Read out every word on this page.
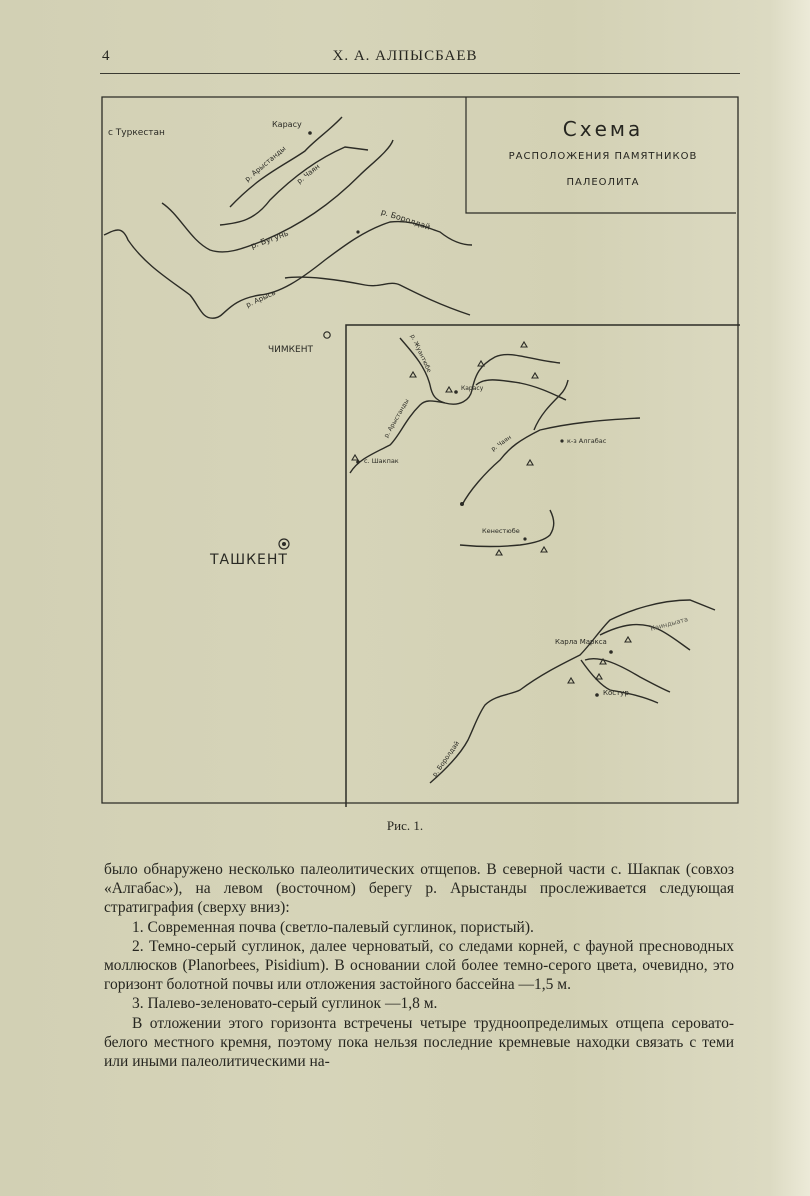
4	Х. А. АЛПЫСБАЕВ
Схема
РАСПОЛОЖЕНИЯ ПАМЯТНИКОВ
ПАЛЕОЛИТА
с Туркестан
Карасу
р. Арыстанды р. Чаян
р. Бугунь
р. Боролдай
р. Арысь
ЧИМКЕНТ
ТАШКЕНТ
р. Жуантюбе
Карасу
р. Арыстанды
с. Шакпак
р. Чаян	к-з Алгабас
Кенестюбе
Карла Маркса
Каиндыата
Костур
р. Боролдай
Рис. 1.

было обнаружено несколько палеолитических отщепов. В северной части с. Шакпак (совхоз «Алгабас»), на левом (восточном) берегу р. Арыстанды прослеживается следующая стратиграфия (сверху вниз):

1. Современная почва (светло-палевый суглинок, пористый).

2. Темно-серый суглинок, далее черноватый, со следами корней, с фауной пресноводных моллюсков (Planorbees, Pisidium). В основании слой более темно-серого цвета, очевидно, это горизонт болотной почвы или отложения застойного бассейна —1,5 м.

3. Палево-зеленовато-серый суглинок —1,8 м.

В отложении этого горизонта встречены четыре трудноопределимых отщепа серовато-белого местного кремня, поэтому пока нельзя последние кремневые находки связать с теми или иными палеолитическими на-
